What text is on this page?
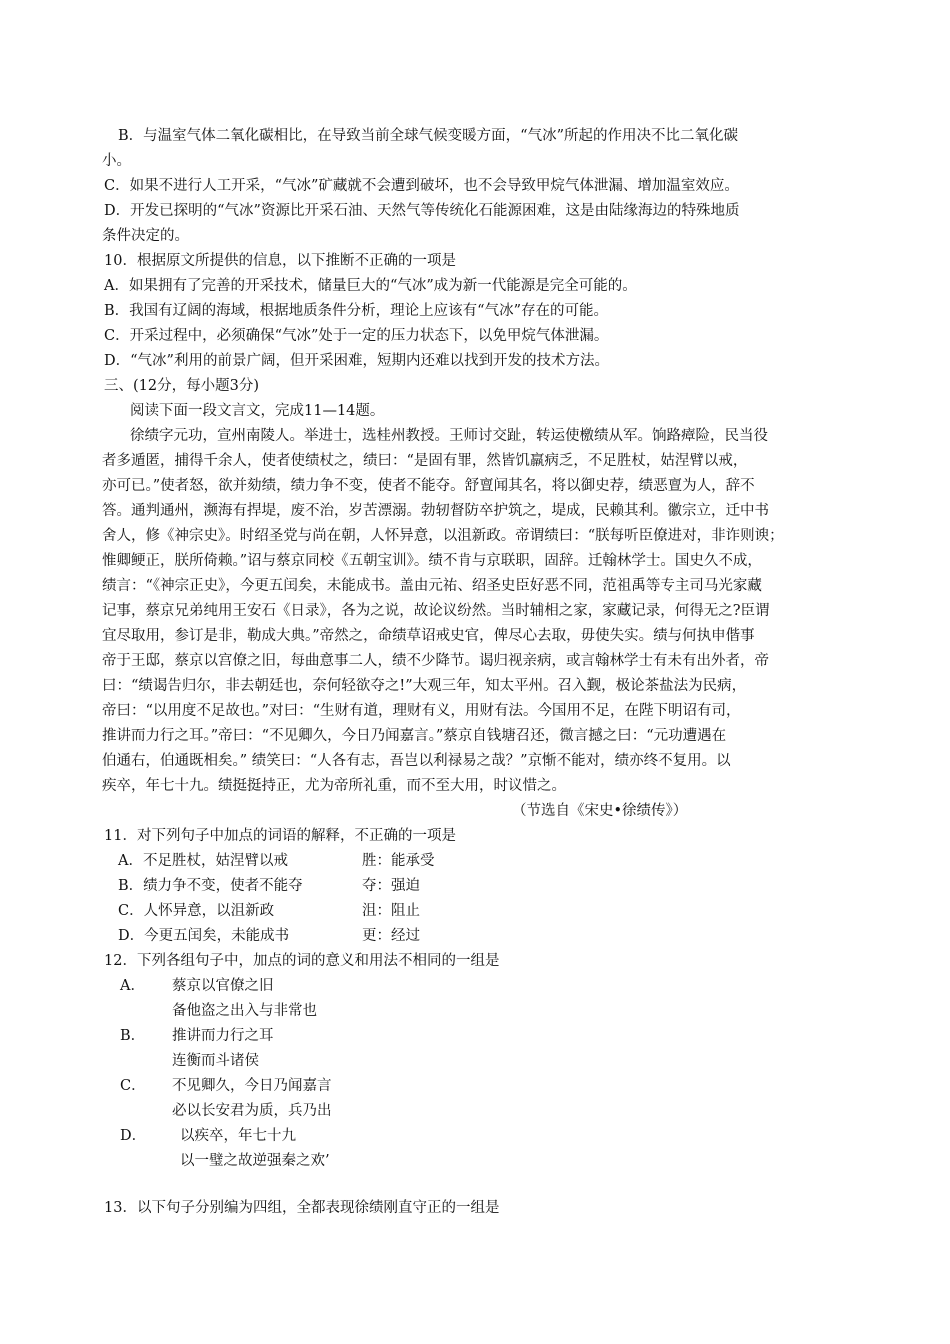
B．与温室气体二氧化碳相比，在导致当前全球气候变暖方面，“气冰”所起的作用决不比二氧化碳
小。
C．如果不进行人工开采，“气冰”矿藏就不会遭到破坏，也不会导致甲烷气体泄漏、增加温室效应。
D．开发已探明的“气冰”资源比开采石油、天然气等传统化石能源困难，这是由陆缘海边的特殊地质
条件决定的。
10．根据原文所提供的信息，以下推断不正确的一项是
A．如果拥有了完善的开采技术，储量巨大的“气冰”成为新一代能源是完全可能的。
B．我国有辽阔的海域，根据地质条件分析，理论上应该有“气冰”存在的可能。
C．开采过程中，必须确保“气冰”处于一定的压力状态下，以免甲烷气体泄漏。
D．“气冰”利用的前景广阔，但开采困难，短期内还难以找到开发的技术方法。
三、(12分，每小题3分)
阅读下面一段文言文，完成11—14题。
徐绩字元功，宣州南陵人。举进士，选桂州教授。王师讨交趾，转运使檄绩从军。饷路瘴险，民当役
者多遁匿，捕得千余人，使者使绩杖之，绩曰：“是固有罪，然皆饥羸病乏，不足胜杖，姑涅臂以戒，
亦可已。”使者怒，欲并劾绩，绩力争不变，使者不能夺。舒亶闻其名，将以御史荐，绩恶亶为人，辞不
答。通判通州，濒海有捍堤，废不治，岁苦漂溺。勃轫督防卒护筑之，堤成，民赖其利。徽宗立，迁中书
舍人，修《神宗史》。时绍圣党与尚在朝，人怀异意，以沮新政。帝谓绩曰：“朕每听臣僚进对，非诈则谀；
惟卿鲠正，朕所倚赖。”诏与蔡京同校《五朝宝训》。绩不肯与京联职，固辞。迁翰林学士。国史久不成，
绩言：“《神宗正史》，今更五闰矣，未能成书。盖由元祐、绍圣史臣好恶不同，范祖禹等专主司马光家藏
记事，蔡京兄弟纯用王安石《日录》，各为之说，故论议纷然。当时辅相之家，家藏记录，何得无之?臣谓
宜尽取用，参订是非，勒成大典。”帝然之，命绩草诏戒史官，俾尽心去取，毋使失实。绩与何执申偕事
帝于王邸，蔡京以宫僚之旧，每曲意事二人，绩不少降节。谒归视亲病，或言翰林学士有未有出外者，帝
曰：“绩谒告归尔，非去朝廷也，奈何轻欲夺之!”大观三年，知太平州。召入觐，极论茶盐法为民病，
帝曰：“以用度不足故也。”对曰：“生财有道，理财有义，用财有法。今国用不足，在陛下明诏有司，
推讲而力行之耳。”帝曰：“不见卿久，今日乃闻嘉言。”蔡京自钱塘召还，微言撼之曰：“元功遭遇在
伯通右，伯通既相矣。” 绩笑曰：“人各有志，吾岂以利禄易之哉？”京惭不能对，绩亦终不复用。以
疾卒，年七十九。绩挺挺持正，尤为帝所礼重，而不至大用，时议惜之。
（节选自《宋史•徐绩传》）
11．对下列句子中加点的词语的解释，不正确的一项是
A．不足胜杖，姑涅臂以戒	胜：能承受
B．绩力争不变，使者不能夺	夺：强迫
C．人怀异意，以沮新政	沮：阻止
D．今更五闰矣，未能成书	更：经过
12．下列各组句子中，加点的词的意义和用法不相同的一组是
A． 蔡京以官僚之旧
备他盗之出入与非常也
B． 推讲而力行之耳
连衡而斗诸侯
C． 不见卿久，今日乃闻嘉言
必以长安君为质，兵乃出
D． 以疾卒，年七十九
以一璧之故逆强秦之欢’
13．以下句子分别编为四组，全都表现徐绩刚直守正的一组是
